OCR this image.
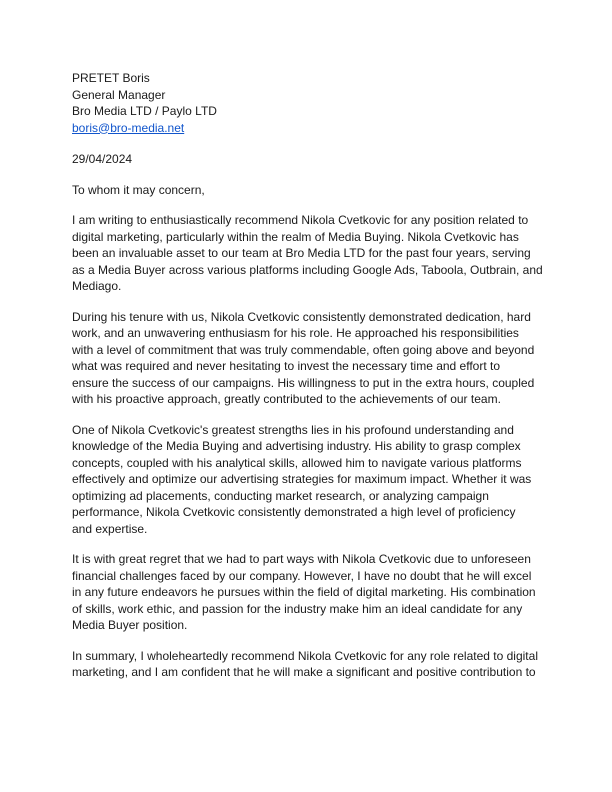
PRETET Boris
General Manager
Bro Media LTD / Paylo LTD
boris@bro-media.net
29/04/2024
To whom it may concern,
I am writing to enthusiastically recommend Nikola Cvetkovic for any position related to
digital marketing, particularly within the realm of Media Buying. Nikola Cvetkovic has
been an invaluable asset to our team at Bro Media LTD for the past four years, serving
as a Media Buyer across various platforms including Google Ads, Taboola, Outbrain, and
Mediago.
During his tenure with us, Nikola Cvetkovic consistently demonstrated dedication, hard
work, and an unwavering enthusiasm for his role. He approached his responsibilities
with a level of commitment that was truly commendable, often going above and beyond
what was required and never hesitating to invest the necessary time and effort to
ensure the success of our campaigns. His willingness to put in the extra hours, coupled
with his proactive approach, greatly contributed to the achievements of our team.
One of Nikola Cvetkovic's greatest strengths lies in his profound understanding and
knowledge of the Media Buying and advertising industry. His ability to grasp complex
concepts, coupled with his analytical skills, allowed him to navigate various platforms
effectively and optimize our advertising strategies for maximum impact. Whether it was
optimizing ad placements, conducting market research, or analyzing campaign
performance, Nikola Cvetkovic consistently demonstrated a high level of proficiency
and expertise.
It is with great regret that we had to part ways with Nikola Cvetkovic due to unforeseen
financial challenges faced by our company. However, I have no doubt that he will excel
in any future endeavors he pursues within the field of digital marketing. His combination
of skills, work ethic, and passion for the industry make him an ideal candidate for any
Media Buyer position.
In summary, I wholeheartedly recommend Nikola Cvetkovic for any role related to digital
marketing, and I am confident that he will make a significant and positive contribution to
